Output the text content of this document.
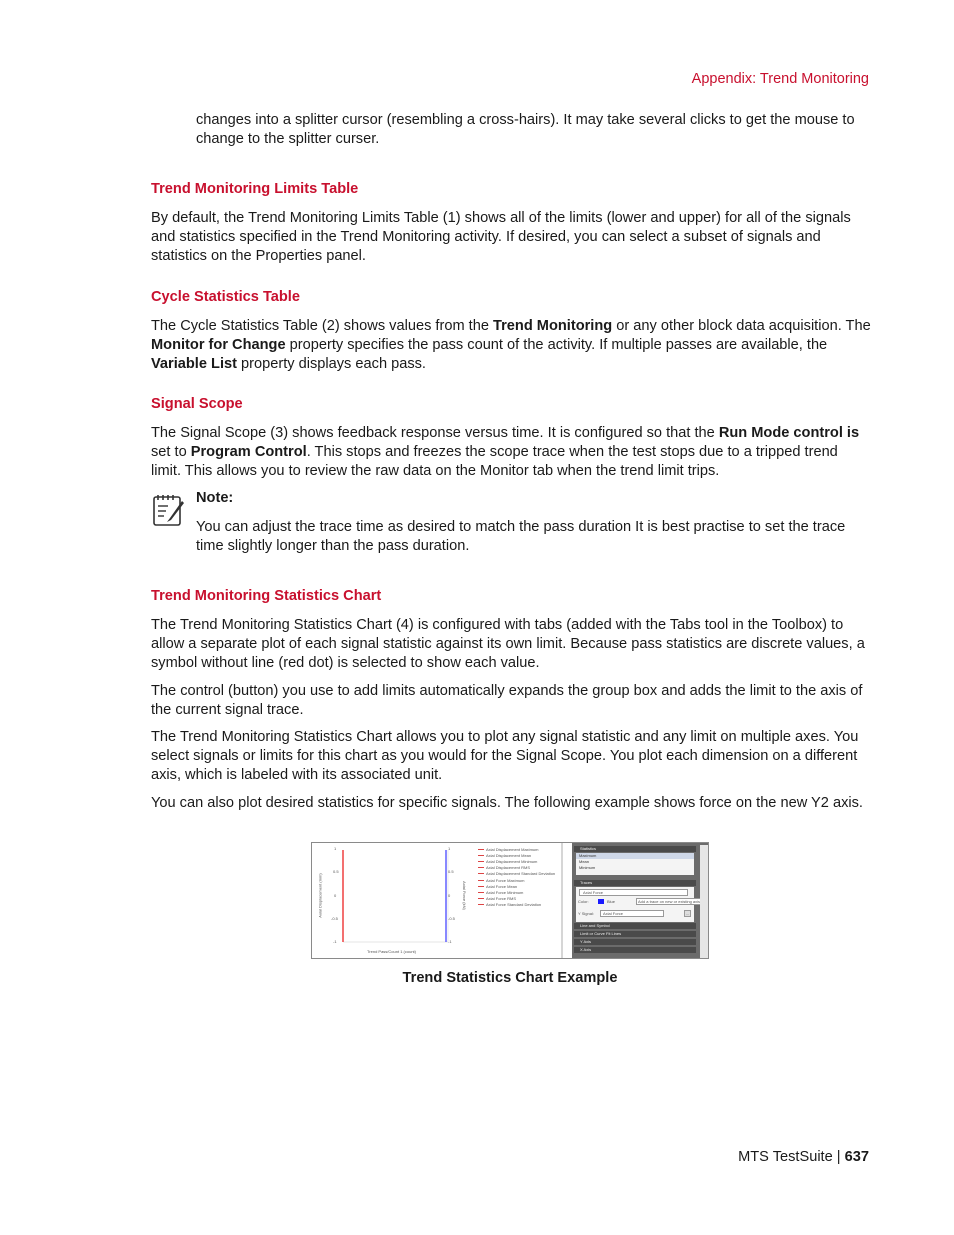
Appendix: Trend Monitoring

changes into a splitter cursor (resembling a cross-hairs). It may take several clicks to get the mouse to change to the splitter curser.

Trend Monitoring Limits Table

By default, the Trend Monitoring Limits Table (1) shows all of the limits (lower and upper) for all of the signals and statistics specified in the Trend Monitoring activity. If desired, you can select a subset of signals and statistics on the Properties panel.

Cycle Statistics Table

The Cycle Statistics Table (2) shows values from the Trend Monitoring or any other block data acquisition. The Monitor for Change property specifies the pass count of the activity. If multiple passes are available, the Variable List property displays each pass.

Signal Scope

The Signal Scope (3) shows feedback response versus time. It is configured so that the Run Mode control is set to Program Control. This stops and freezes the scope trace when the test stops due to a tripped trend limit. This allows you to review the raw data on the Monitor tab when the trend limit trips.

Note:

You can adjust the trace time as desired to match the pass duration It is best practise to set the trace time slightly longer than the pass duration.

Trend Monitoring Statistics Chart

The Trend Monitoring Statistics Chart (4) is configured with tabs (added with the Tabs tool in the Toolbox) to allow a separate plot of each signal statistic against its own limit. Because pass statistics are discrete values, a symbol without line (red dot) is selected to show each value.

The control (button) you use to add limits automatically expands the group box and adds the limit to the axis of the current signal trace.

The Trend Monitoring Statistics Chart allows you to plot any signal statistic and any limit on multiple axes. You select signals or limits for this chart as you would for the Signal Scope. You plot each dimension on a different axis, which is labeled with its associated unit.

You can also plot desired statistics for specific signals. The following example shows force on the new Y2 axis.

1
0.5
0
-0.5
-1
1
0.5
0
-0.5
-1
Axial Displacement (mm)	Axial Force (kN)
Trend Pass/Count 1 (count)
Axial Displacement Maximum
Axial Displacement Mean
Axial Displacement Minimum
Axial Displacement RMS
Axial Displacement Standard Deviation
Axial Force Maximum
Axial Force Mean
Axial Force Minimum
Axial Force RMS
Axial Force Standard Deviation
Statistics
Maximum
Mean
Minimum
Traces
Axial Force
Color:	Blue	Add a trace on new or existing axis
Y Signal:	Axial Force	...
Line and Symbol
Limit or Curve Fit Lines
Y Axis
X Axis
Trend Statistics Chart Example
MTS TestSuite | 637
